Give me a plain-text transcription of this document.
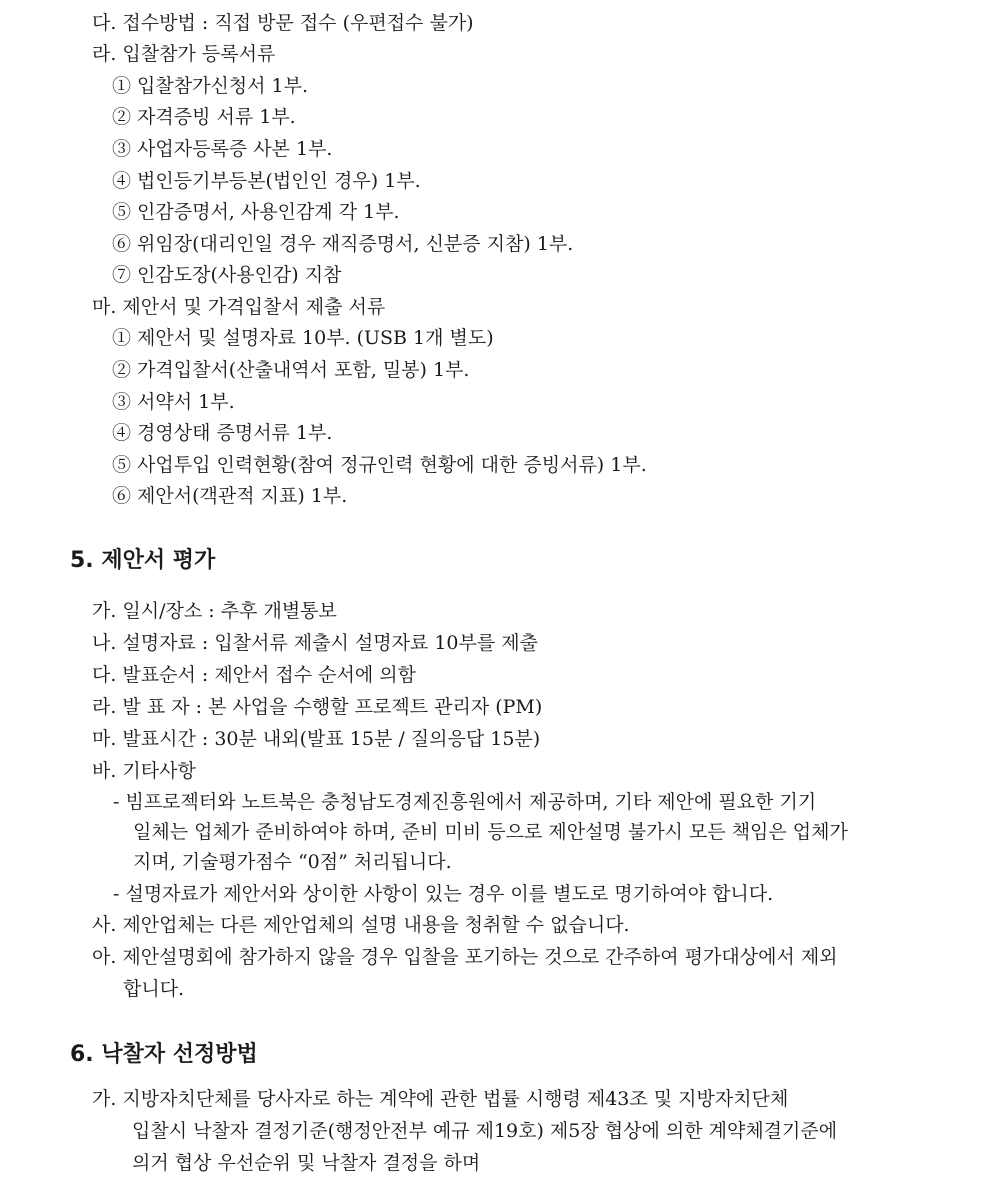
다. 접수방법 : 직접 방문 접수 (우편접수 불가)
라. 입찰참가 등록서류
① 입찰참가신청서 1부.
② 자격증빙 서류 1부.
③ 사업자등록증 사본 1부.
④ 법인등기부등본(법인인 경우) 1부.
⑤ 인감증명서, 사용인감계 각 1부.
⑥ 위임장(대리인일 경우 재직증명서, 신분증 지참) 1부.
⑦ 인감도장(사용인감) 지참
마. 제안서 및 가격입찰서 제출 서류
① 제안서 및 설명자료 10부. (USB 1개 별도)
② 가격입찰서(산출내역서 포함, 밀봉) 1부.
③ 서약서 1부.
④ 경영상태 증명서류 1부.
⑤ 사업투입 인력현황(참여 정규인력 현황에 대한 증빙서류) 1부.
⑥ 제안서(객관적 지표) 1부.
5. 제안서 평가
가. 일시/장소 : 추후 개별통보
나. 설명자료 : 입찰서류 제출시 설명자료 10부를 제출
다. 발표순서 : 제안서 접수 순서에 의함
라. 발 표 자 : 본 사업을 수행할 프로젝트 관리자 (PM)
마. 발표시간 : 30분 내외(발표 15분 / 질의응답 15분)
바. 기타사항
- 빔프로젝터와 노트북은 충청남도경제진흥원에서 제공하며, 기타 제안에 필요한 기기
일체는 업체가 준비하여야 하며, 준비 미비 등으로 제안설명 불가시 모든 책임은 업체가
지며, 기술평가점수 “0점” 처리됩니다.
- 설명자료가 제안서와 상이한 사항이 있는 경우 이를 별도로 명기하여야 합니다.
사. 제안업체는 다른 제안업체의 설명 내용을 청취할 수 없습니다.
아. 제안설명회에 참가하지 않을 경우 입찰을 포기하는 것으로 간주하여 평가대상에서 제외
합니다.
6. 낙찰자 선정방법
가. 지방자치단체를 당사자로 하는 계약에 관한 법률 시행령 제43조 및 지방자치단체
입찰시 낙찰자 결정기준(행정안전부 예규 제19호) 제5장 협상에 의한 계약체결기준에
의거 협상 우선순위 및 낙찰자 결정을 하며
